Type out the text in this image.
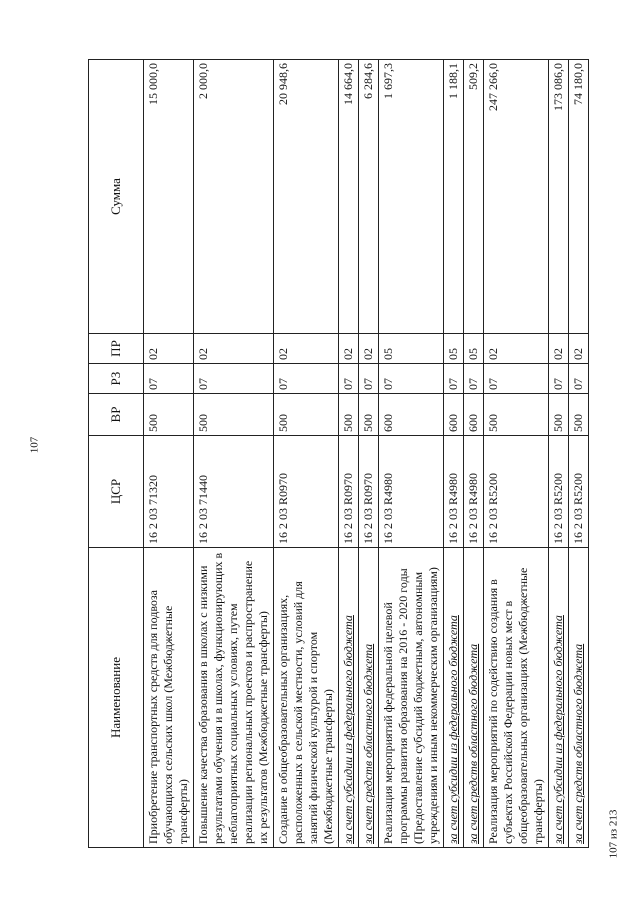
107
Наименование	ЦСР	ВР	РЗ	ПР	Сумма
Приобретение транспортных средств для подвоза обучающихся сельских школ (Межбюджетные трансферты)	16 2 03 71320	500	07	02	15 000,0
Повышение качества образования в школах с низкими результатами обучения и в школах, функционирующих в неблагоприятных социальных условиях, путем реализации региональных проектов и распространение их результатов (Межбюджетные трансферты)	16 2 03 71440	500	07	02	2 000,0
Создание в общеобразовательных организациях, расположенных в сельской местности, условий для занятий физической культурой и спортом (Межбюджетные трансферты)	16 2 03 R0970	500	07	02	20 948,6
за счет субсидии из федерального бюджета	16 2 03 R0970	500	07	02	14 664,0
за счет средств областного бюджета	16 2 03 R0970	500	07	02	6 284,6
Реализация мероприятий федеральной целевой программы развития образования на 2016 - 2020 годы (Предоставление субсидий бюджетным, автономным учреждениям и иным некоммерческим организациям)	16 2 03 R4980	600	07	05	1 697,3
за счет субсидии из федерального бюджета	16 2 03 R4980	600	07	05	1 188,1
за счет средств областного бюджета	16 2 03 R4980	600	07	05	509,2
Реализация мероприятий по содействию создания в субъектах Российской Федерации новых мест в общеобразовательных организациях (Межбюджетные трансферты)	16 2 03 R5200	500	07	02	247 266,0
за счет субсидии из федерального бюджета	16 2 03 R5200	500	07	02	173 086,0
за счет средств областного бюджета	16 2 03 R5200	500	07	02	74 180,0
107 из 213
